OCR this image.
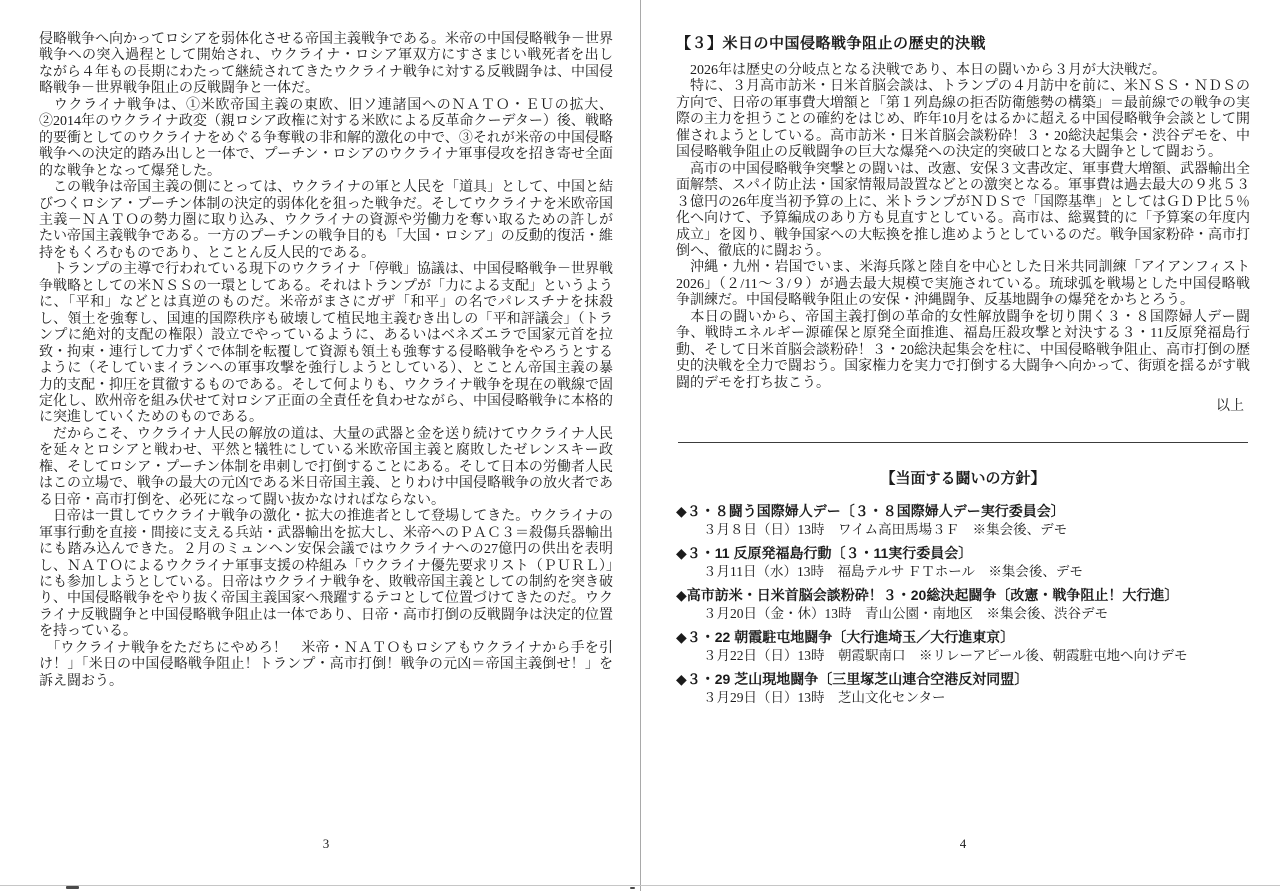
侵略戦争へ向かってロシアを弱体化させる帝国主義戦争である。米帝の中国侵略戦争－世界戦争への突入過程として開始され、ウクライナ・ロシア軍双方にすさまじい戦死者を出しながら４年もの長期にわたって継続されてきたウクライナ戦争に対する反戦闘争は、中国侵略戦争－世界戦争阻止の反戦闘争と一体だ。

　ウクライナ戦争は、①米欧帝国主義の東欧、旧ソ連諸国へのＮＡＴＯ・ＥＵの拡大、②2014年のウクライナ政変（親ロシア政権に対する米欧による反革命クーデター）後、戦略的要衝としてのウクライナをめぐる争奪戦の非和解的激化の中で、③それが米帝の中国侵略戦争への決定的踏み出しと一体で、プーチン・ロシアのウクライナ軍事侵攻を招き寄せ全面的な戦争となって爆発した。

　この戦争は帝国主義の側にとっては、ウクライナの軍と人民を「道具」として、中国と結びつくロシア・プーチン体制の決定的弱体化を狙った戦争だ。そしてウクライナを米欧帝国主義－ＮＡＴＯの勢力圏に取り込み、ウクライナの資源や労働力を奪い取るための許しがたい帝国主義戦争である。一方のプーチンの戦争目的も「大国・ロシア」の反動的復活・維持をもくろむものであり、とことん反人民的である。

　トランプの主導で行われている現下のウクライナ「停戦」協議は、中国侵略戦争－世界戦争戦略としての米ＮＳＳの一環としてある。それはトランプが「力による支配」というように、「平和」などとは真逆のものだ。米帝がまさにガザ「和平」の名でパレスチナを抹殺し、領土を強奪し、国連的国際秩序も破壊して植民地主義むき出しの「平和評議会」（トランプに絶対的支配の権限）設立でやっているように、あるいはベネズエラで国家元首を拉致・拘束・連行して力ずくで体制を転覆して資源も領土も強奪する侵略戦争をやろうとするように（そしていまイランへの軍事攻撃を強行しようとしている）、とことん帝国主義の暴力的支配・抑圧を貫徹するものである。そして何よりも、ウクライナ戦争を現在の戦線で固定化し、欧州帝を組み伏せて対ロシア正面の全責任を負わせながら、中国侵略戦争に本格的に突進していくためのものである。

　だからこそ、ウクライナ人民の解放の道は、大量の武器と金を送り続けてウクライナ人民を延々とロシアと戦わせ、平然と犠牲にしている米欧帝国主義と腐敗したゼレンスキー政権、そしてロシア・プーチン体制を串刺しで打倒することにある。そして日本の労働者人民はこの立場で、戦争の最大の元凶である米日帝国主義、とりわけ中国侵略戦争の放火者である日帝・高市打倒を、必死になって闘い抜かなければならない。

　日帝は一貫してウクライナ戦争の激化・拡大の推進者として登場してきた。ウクライナの軍事行動を直接・間接に支える兵站・武器輸出を拡大し、米帝へのＰＡＣ３＝殺傷兵器輸出にも踏み込んできた。２月のミュンヘン安保会議ではウクライナへの27億円の供出を表明し、ＮＡＴＯによるウクライナ軍事支援の枠組み「ウクライナ優先要求リスト（ＰＵＲＬ）」にも参加しようとしている。日帝はウクライナ戦争を、敗戦帝国主義としての制約を突き破り、中国侵略戦争をやり抜く帝国主義国家へ飛躍するテコとして位置づけてきたのだ。ウクライナ反戦闘争と中国侵略戦争阻止は一体であり、日帝・高市打倒の反戦闘争は決定的位置を持っている。

　「ウクライナ戦争をただちにやめろ！　米帝・ＮＡＴＯもロシアもウクライナから手を引け！」「米日の中国侵略戦争阻止！トランプ・高市打倒！戦争の元凶＝帝国主義倒せ！」を訴え闘おう。

3
【３】米日の中国侵略戦争阻止の歴史的決戦

　2026年は歴史の分岐点となる決戦であり、本日の闘いから３月が大決戦だ。

　特に、３月高市訪米・日米首脳会談は、トランプの４月訪中を前に、米ＮＳＳ・ＮＤＳの方向で、日帝の軍事費大増額と「第１列島線の拒否防衛態勢の構築」＝最前線での戦争の実際の主力を担うことの確約をはじめ、昨年10月をはるかに超える中国侵略戦争会談として開催されようとしている。高市訪米・日米首脳会談粉砕！３・20総決起集会・渋谷デモを、中国侵略戦争阻止の反戦闘争の巨大な爆発への決定的突破口となる大闘争として闘おう。

　高市の中国侵略戦争突撃との闘いは、改憲、安保３文書改定、軍事費大増額、武器輸出全面解禁、スパイ防止法・国家情報局設置などとの激突となる。軍事費は過去最大の９兆５３３億円の26年度当初予算の上に、米トランプがＮＤＳで「国際基準」としてはＧＤＰ比５％化へ向けて、予算編成のあり方も見直すとしている。高市は、総翼賛的に「予算案の年度内成立」を図り、戦争国家への大転換を推し進めようとしているのだ。戦争国家粉砕・高市打倒へ、徹底的に闘おう。

　沖縄・九州・岩国でいま、米海兵隊と陸自を中心とした日米共同訓練「アイアンフィスト2026」（２/11〜３/９）が過去最大規模で実施されている。琉球弧を戦場とした中国侵略戦争訓練だ。中国侵略戦争阻止の安保・沖縄闘争、反基地闘争の爆発をかちとろう。

　本日の闘いから、帝国主義打倒の革命的女性解放闘争を切り開く３・８国際婦人デー闘争、戦時エネルギー源確保と原発全面推進、福島圧殺攻撃と対決する３・11反原発福島行動、そして日米首脳会談粉砕！３・20総決起集会を柱に、中国侵略戦争阻止、高市打倒の歴史的決戦を全力で闘おう。国家権力を実力で打倒する大闘争へ向かって、街頭を揺るがす戦闘的デモを打ち抜こう。

以上
【当面する闘いの方針】
◆３・８闘う国際婦人デー〔３・８国際婦人デー実行委員会〕
３月８日（日）13時　ワイム高田馬場３Ｆ　※集会後、デモ
◆３・11 反原発福島行動〔３・11実行委員会〕
３月11日（水）13時　福島テルサ ＦＴホール　※集会後、デモ
◆高市訪米・日米首脳会談粉砕！３・20総決起闘争〔改憲・戦争阻止！大行進〕
３月20日（金・休）13時　青山公園・南地区　※集会後、渋谷デモ
◆３・22 朝霞駐屯地闘争〔大行進埼玉／大行進東京〕
３月22日（日）13時　朝霞駅南口　※リレーアピール後、朝霞駐屯地へ向けデモ
◆３・29 芝山現地闘争〔三里塚芝山連合空港反対同盟〕
３月29日（日）13時　芝山文化センター
4
